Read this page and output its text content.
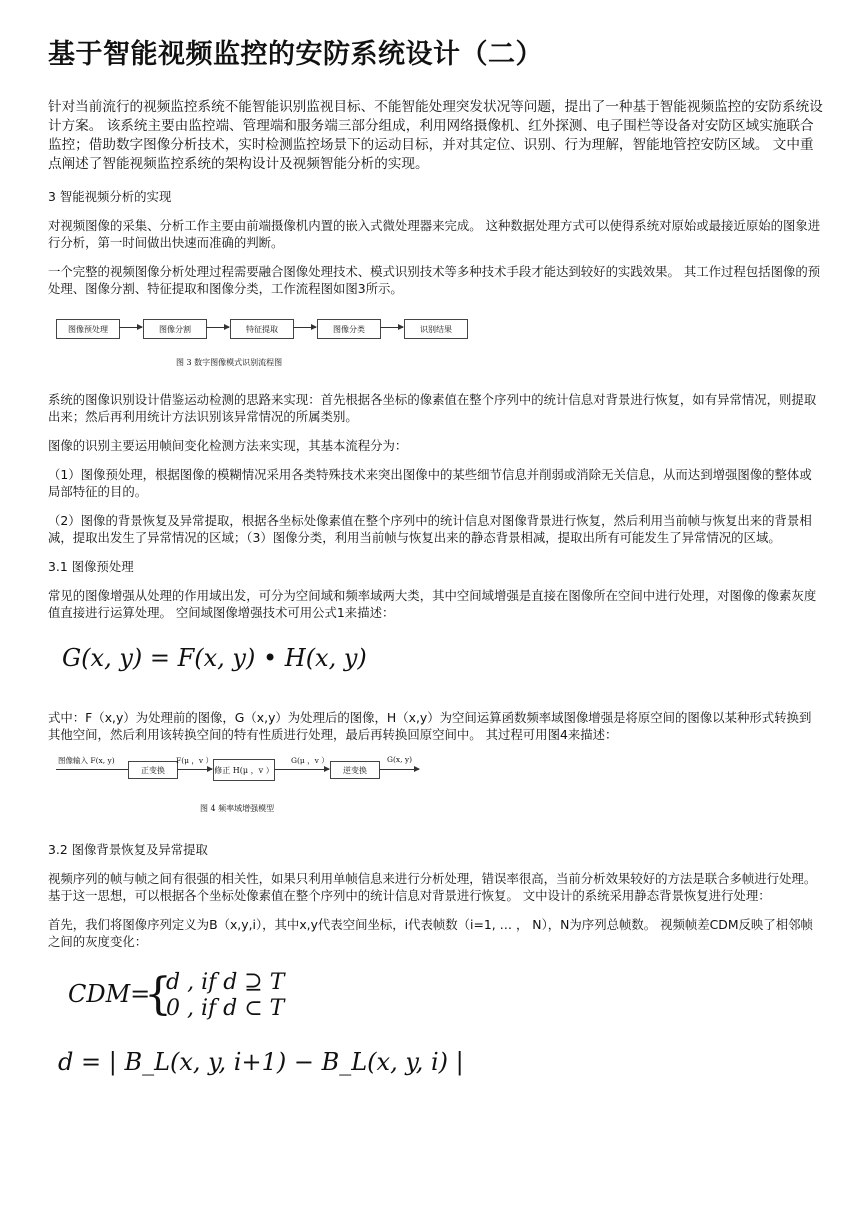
基于智能视频监控的安防系统设计（二）
针对当前流行的视频监控系统不能智能识别监视目标、不能智能处理突发状况等问题，提出了一种基于智能视频监控的安防系统设计方案。 该系统主要由监控端、管理端和服务端三部分组成，利用网络摄像机、红外探测、电子围栏等设备对安防区域实施联合监控；借助数字图像分析技术，实时检测监控场景下的运动目标，并对其定位、识别、行为理解，智能地管控安防区域。 文中重点阐述了智能视频监控系统的架构设计及视频智能分析的实现。
3 智能视频分析的实现

对视频图像的采集、分析工作主要由前端摄像机内置的嵌入式微处理器来完成。 这种数据处理方式可以使得系统对原始或最接近原始的图象进行分析，第一时间做出快速而准确的判断。

一个完整的视频图像分析处理过程需要融合图像处理技术、模式识别技术等多种技术手段才能达到较好的实践效果。 其工作过程包括图像的预处理、图像分割、特征提取和图像分类，工作流程图如图3所示。

图像预处理	图像分割	特征提取	图像分类	识别结果
图 3 数字图像模式识别流程图

系统的图像识别设计借鉴运动检测的思路来实现：首先根据各坐标的像素值在整个序列中的统计信息对背景进行恢复，如有异常情况，则提取出来；然后再利用统计方法识别该异常情况的所属类别。

图像的识别主要运用帧间变化检测方法来实现，其基本流程分为：

（1）图像预处理，根据图像的模糊情况采用各类特殊技术来突出图像中的某些细节信息并削弱或消除无关信息，从而达到增强图像的整体或局部特征的目的。

（2）图像的背景恢复及异常提取，根据各坐标处像素值在整个序列中的统计信息对图像背景进行恢复，然后利用当前帧与恢复出来的背景相减，提取出发生了异常情况的区域；（3）图像分类，利用当前帧与恢复出来的静态背景相减，提取出所有可能发生了异常情况的区域。

3.1 图像预处理

常见的图像增强从处理的作用域出发，可分为空间域和频率域两大类，其中空间域增强是直接在图像所在空间中进行处理，对图像的像素灰度值直接进行运算处理。 空间域图像增强技术可用公式1来描述：

G(x, y) = F(x, y) • H(x, y)

式中：F（x,y）为处理前的图像，G（x,y）为处理后的图像，H（x,y）为空间运算函数频率域图像增强是将原空间的图像以某种形式转换到其他空间，然后利用该转换空间的特有性质进行处理，最后再转换回原空间中。 其过程可用图4来描述：

图像输入 F(x, y)
正变换
F(μ ，v ）
修正 H(μ ，v ）
G(μ ，v ）
逆变换
G(x, y)
图 4 频率域增强模型
3.2 图像背景恢复及异常提取

视频序列的帧与帧之间有很强的相关性，如果只利用单帧信息来进行分析处理，错误率很高，当前分析效果较好的方法是联合多帧进行处理。 基于这一思想，可以根据各个坐标处像素值在整个序列中的统计信息对背景进行恢复。 文中设计的系统采用静态背景恢复进行处理：

首先，我们将图像序列定义为B（x,y,i），其中x,y代表空间坐标，i代表帧数（i=1, … ， N），N为序列总帧数。 视频帧差CDM反映了相邻帧之间的灰度变化：

CDM=
{
d , if d ⊇ T
0 , if d ⊂ T
d = | B_L(x, y, i+1) − B_L(x, y, i) |
